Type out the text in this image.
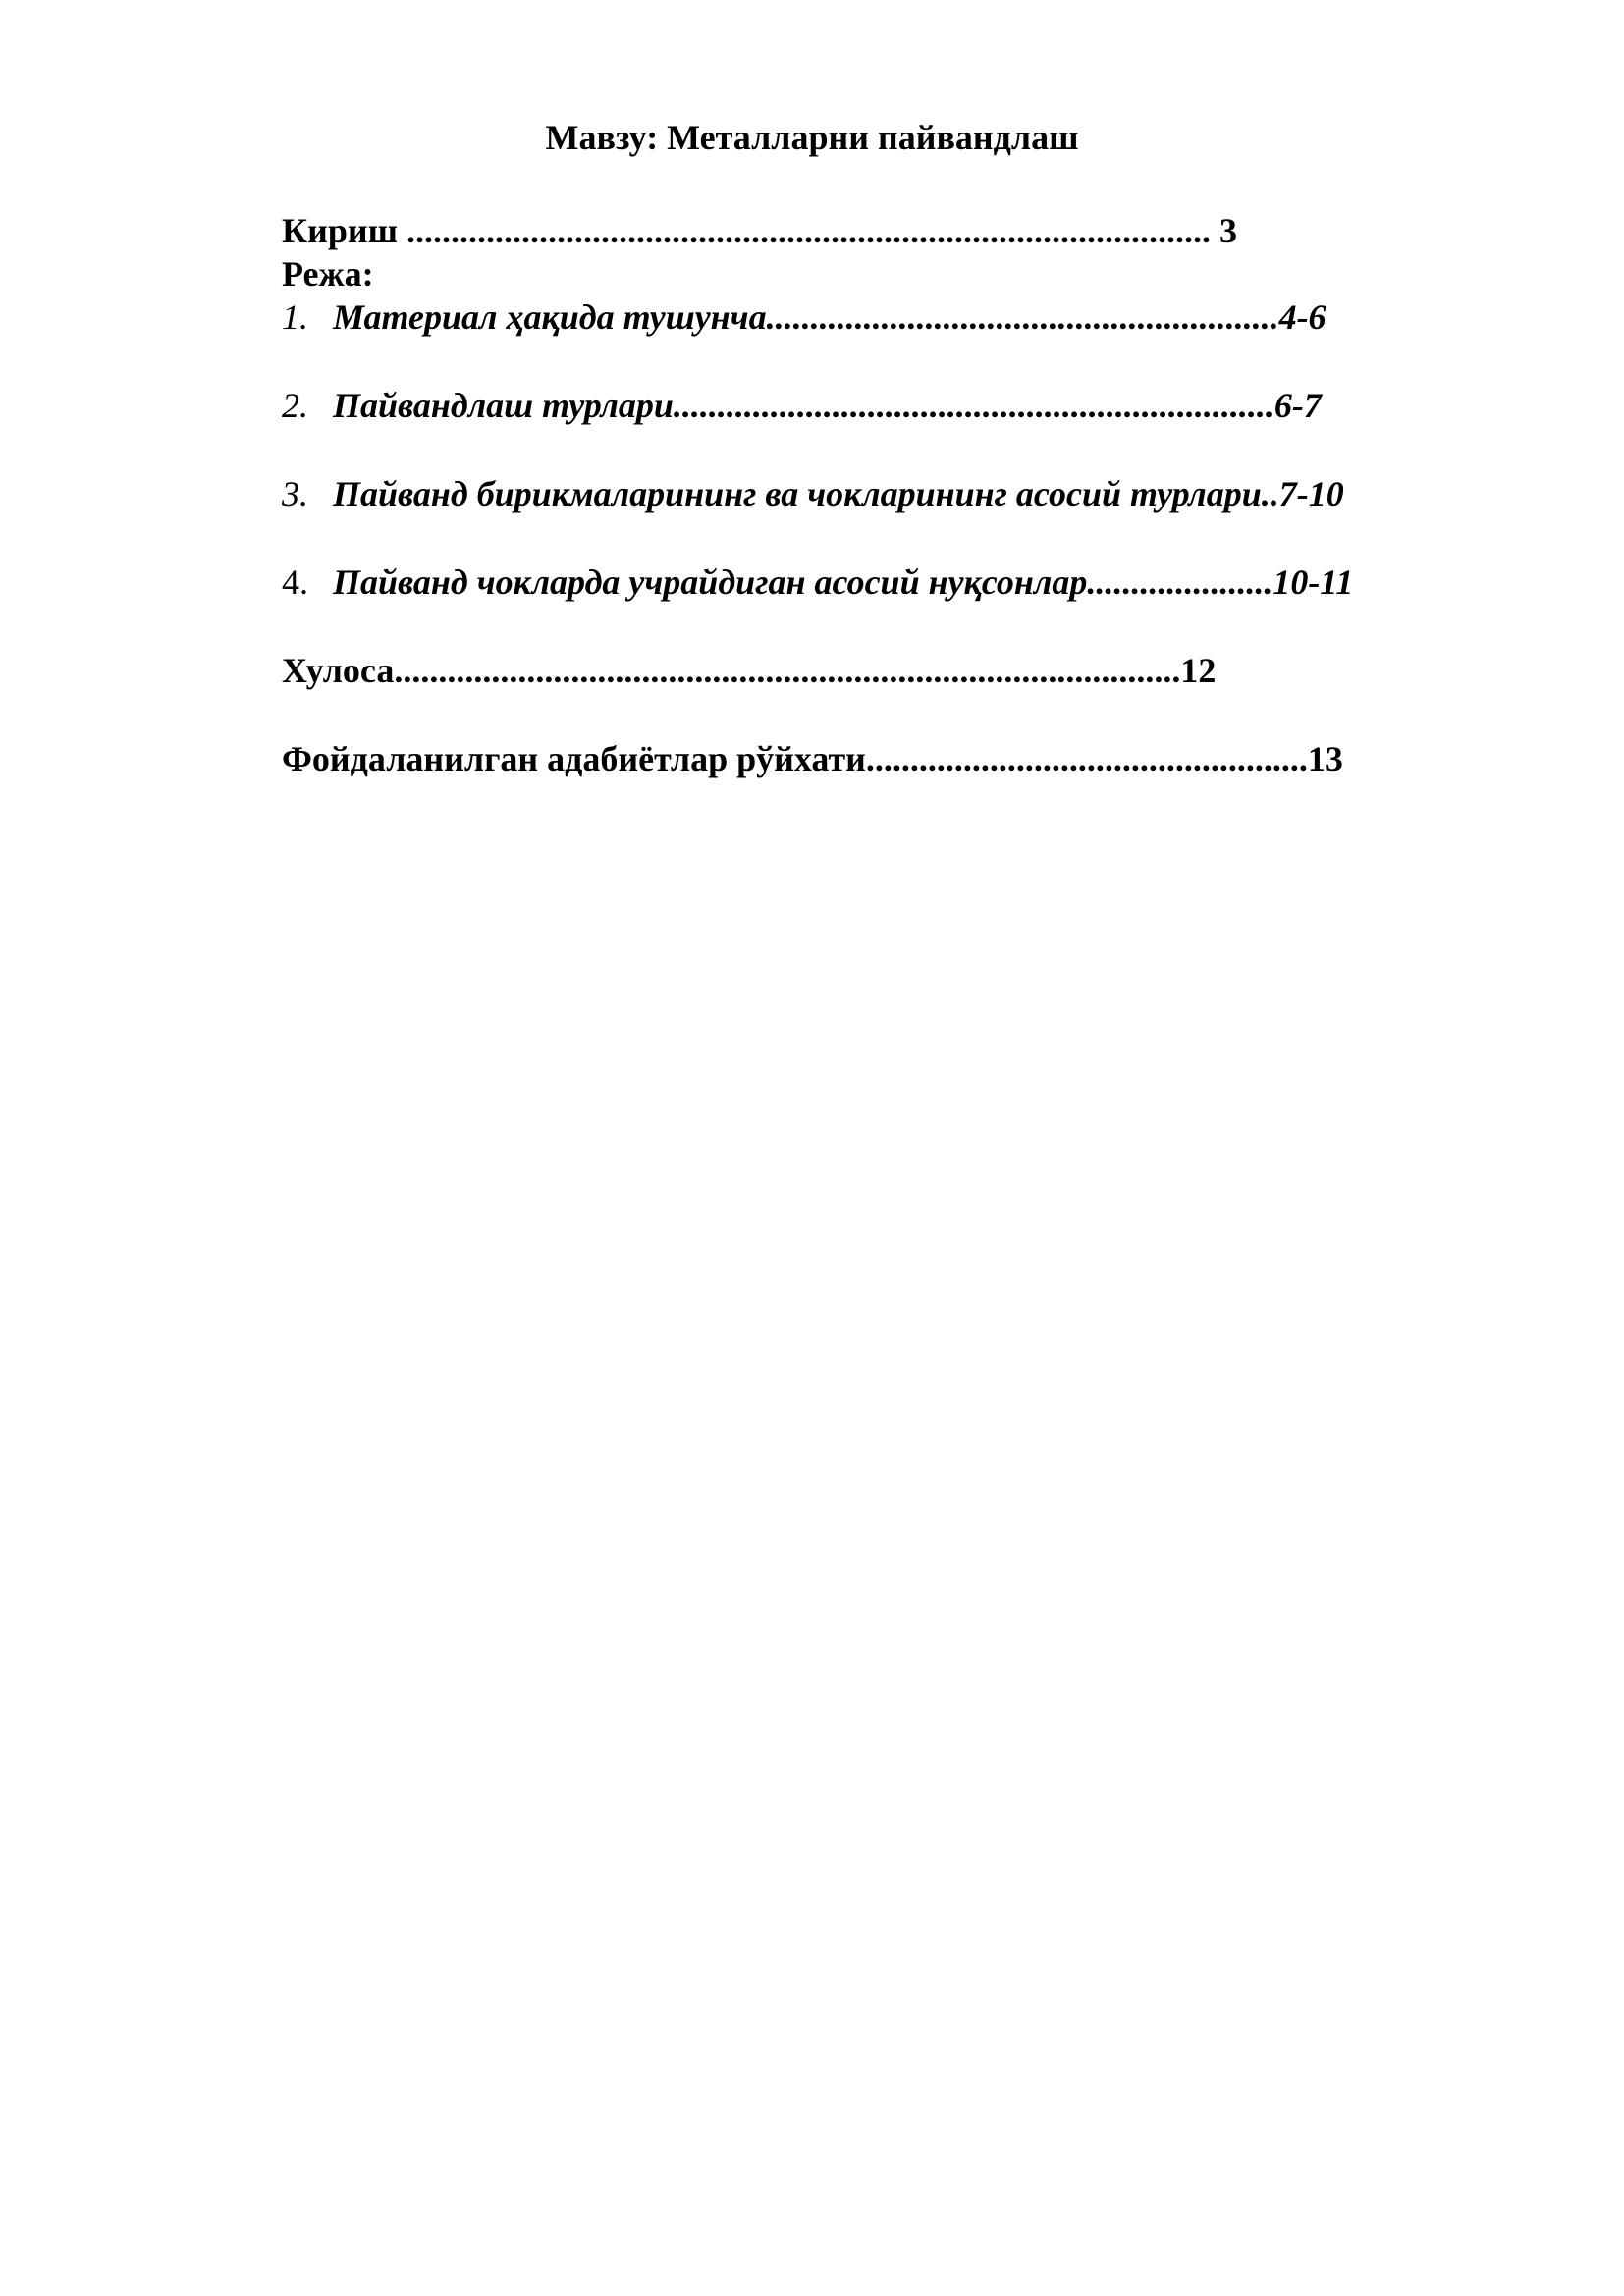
Мавзу: Металларни пайвандлаш
Кириш ........................................................................................... 3
Режа:
1. Материал ҳақида тушунча..........................................................4-6
2. Пайвандлаш турлари....................................................................6-7
3. Пайванд бирикмаларининг ва чокларининг асосий турлари..7-10
4. Пайванд чокларда учрайдиган асосий нуқсонлар.....................10-11
Хулоса.........................................................................................12
Фойдаланилган адабиётлар рўйхати..................................................13
